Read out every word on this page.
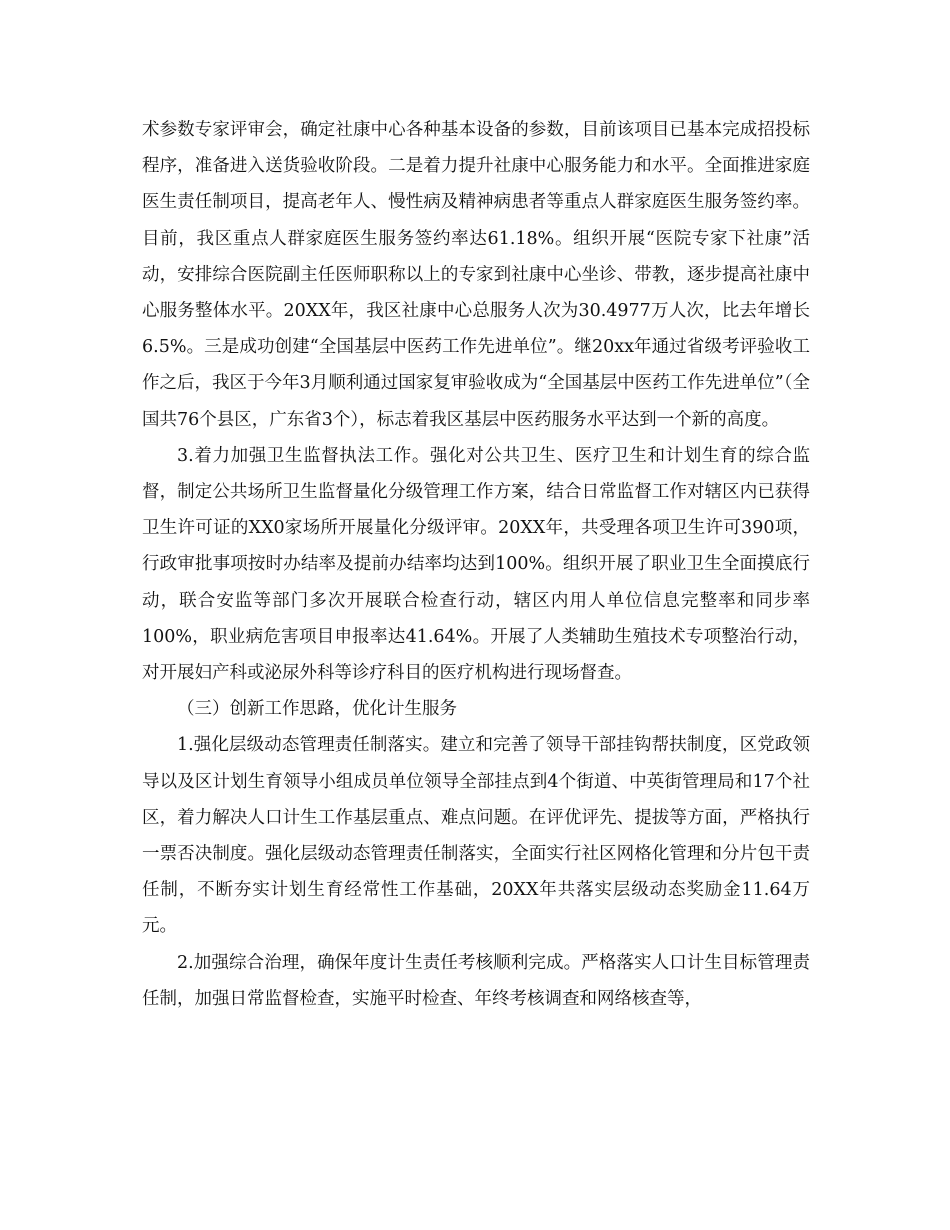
术参数专家评审会，确定社康中心各种基本设备的参数，目前该项目已基本完成招投标程序，准备进入送货验收阶段。二是着力提升社康中心服务能力和水平。全面推进家庭医生责任制项目，提高老年人、慢性病及精神病患者等重点人群家庭医生服务签约率。目前，我区重点人群家庭医生服务签约率达61.18%。组织开展“医院专家下社康”活动，安排综合医院副主任医师职称以上的专家到社康中心坐诊、带教，逐步提高社康中心服务整体水平。20XX年，我区社康中心总服务人次为30.4977万人次，比去年增长6.5%。三是成功创建“全国基层中医药工作先进单位”。继20xx年通过省级考评验收工作之后，我区于今年3月顺利通过国家复审验收成为“全国基层中医药工作先进单位”（全国共76个县区，广东省3个），标志着我区基层中医药服务水平达到一个新的高度。

3.着力加强卫生监督执法工作。强化对公共卫生、医疗卫生和计划生育的综合监督，制定公共场所卫生监督量化分级管理工作方案，结合日常监督工作对辖区内已获得卫生许可证的XX0家场所开展量化分级评审。20XX年，共受理各项卫生许可390项，行政审批事项按时办结率及提前办结率均达到100%。组织开展了职业卫生全面摸底行动，联合安监等部门多次开展联合检查行动，辖区内用人单位信息完整率和同步率100%，职业病危害项目申报率达41.64%。开展了人类辅助生殖技术专项整治行动，对开展妇产科或泌尿外科等诊疗科目的医疗机构进行现场督查。

（三）创新工作思路，优化计生服务

1.强化层级动态管理责任制落实。建立和完善了领导干部挂钩帮扶制度，区党政领导以及区计划生育领导小组成员单位领导全部挂点到4个街道、中英街管理局和17个社区，着力解决人口计生工作基层重点、难点问题。在评优评先、提拔等方面，严格执行一票否决制度。强化层级动态管理责任制落实，全面实行社区网格化管理和分片包干责任制，不断夯实计划生育经常性工作基础，20XX年共落实层级动态奖励金11.64万元。

2.加强综合治理，确保年度计生责任考核顺利完成。严格落实人口计生目标管理责任制，加强日常监督检查，实施平时检查、年终考核调查和网络核查等，
